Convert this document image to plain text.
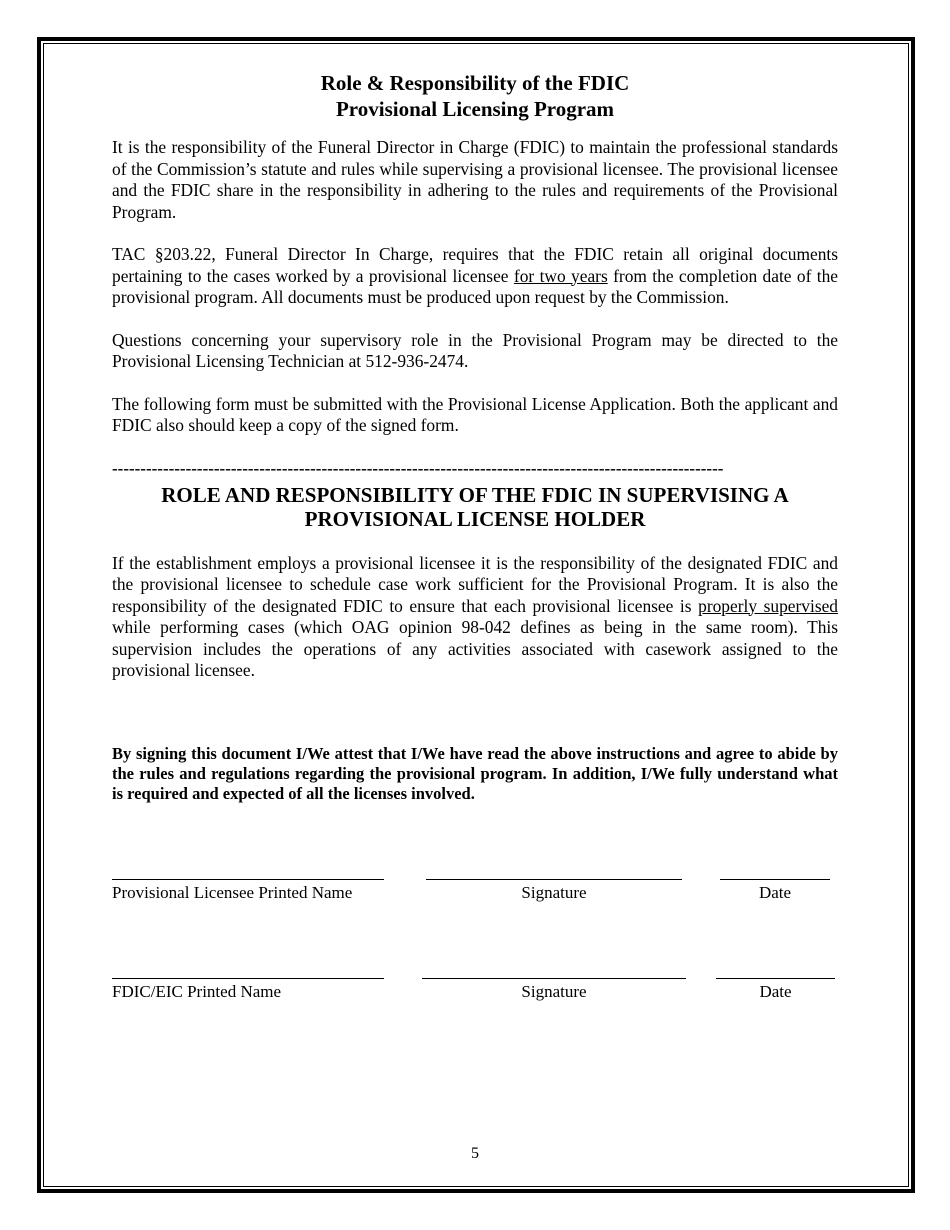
Role & Responsibility of the FDIC
Provisional Licensing Program

It is the responsibility of the Funeral Director in Charge (FDIC) to maintain the professional standards of the Commission’s statute and rules while supervising a provisional licensee. The provisional licensee and the FDIC share in the responsibility in adhering to the rules and requirements of the Provisional Program.

TAC §203.22, Funeral Director In Charge, requires that the FDIC retain all original documents pertaining to the cases worked by a provisional licensee for two years from the completion date of the provisional program. All documents must be produced upon request by the Commission.

Questions concerning your supervisory role in the Provisional Program may be directed to the Provisional Licensing Technician at 512-936-2474.

The following form must be submitted with the Provisional License Application. Both the applicant and FDIC also should keep a copy of the signed form.

------------------------------------------------------------------------------------------------------------
ROLE AND RESPONSIBILITY OF THE FDIC IN SUPERVISING A
PROVISIONAL LICENSE HOLDER

If the establishment employs a provisional licensee it is the responsibility of the designated FDIC and the provisional licensee to schedule case work sufficient for the Provisional Program. It is also the responsibility of the designated FDIC to ensure that each provisional licensee is properly supervised while performing cases (which OAG opinion 98-042 defines as being in the same room). This supervision includes the operations of any activities associated with casework assigned to the provisional licensee.

By signing this document I/We attest that I/We have read the above instructions and agree to abide by the rules and regulations regarding the provisional program. In addition, I/We fully understand what is required and expected of all the licenses involved.

Provisional Licensee Printed Name	Signature	Date
FDIC/EIC Printed Name	Signature	Date
5
